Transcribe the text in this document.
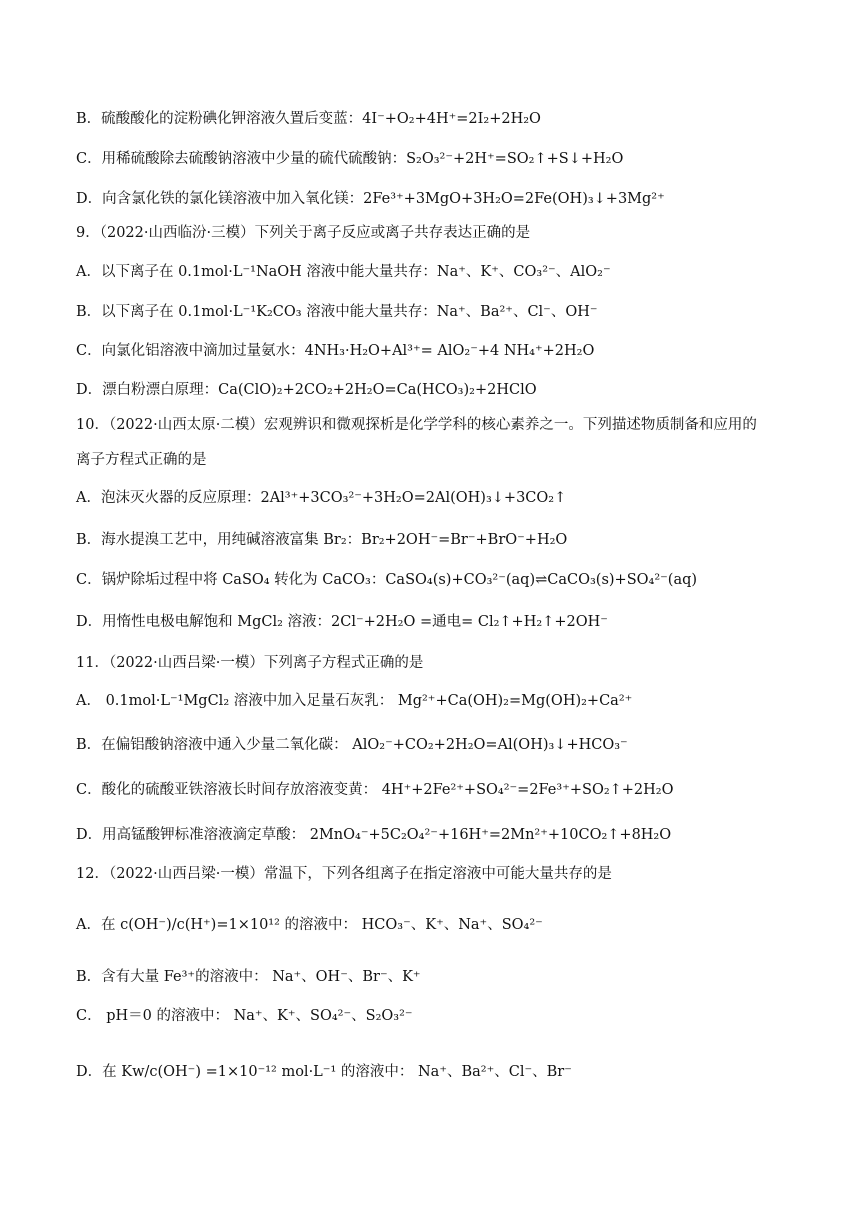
B．硫酸酸化的淀粉碘化钾溶液久置后变蓝：4I⁻+O₂+4H⁺=2I₂+2H₂O
C．用稀硫酸除去硫酸钠溶液中少量的硫代硫酸钠：S₂O₃²⁻+2H⁺=SO₂↑+S↓+H₂O
D．向含氯化铁的氯化镁溶液中加入氧化镁：2Fe³⁺+3MgO+3H₂O=2Fe(OH)₃↓+3Mg²⁺
9．（2022·山西临汾·三模）下列关于离子反应或离子共存表达正确的是
A．以下离子在 0.1mol·L⁻¹NaOH 溶液中能大量共存：Na⁺、K⁺、CO₃²⁻、AlO₂⁻
B．以下离子在 0.1mol·L⁻¹K₂CO₃ 溶液中能大量共存：Na⁺、Ba²⁺、Cl⁻、OH⁻
C．向氯化铝溶液中滴加过量氨水：4NH₃·H₂O+Al³⁺= AlO₂⁻+4 NH₄⁺+2H₂O
D．漂白粉漂白原理：Ca(ClO)₂+2CO₂+2H₂O=Ca(HCO₃)₂+2HClO
10．（2022·山西太原·二模）宏观辨识和微观探析是化学学科的核心素养之一。下列描述物质制备和应用的
离子方程式正确的是
A．泡沫灭火器的反应原理：2Al³⁺+3CO₃²⁻+3H₂O=2Al(OH)₃↓+3CO₂↑
B．海水提溴工艺中，用纯碱溶液富集 Br₂：Br₂+2OH⁻=Br⁻+BrO⁻+H₂O
C．锅炉除垢过程中将 CaSO₄ 转化为 CaCO₃：CaSO₄(s)+CO₃²⁻(aq)⇌CaCO₃(s)+SO₄²⁻(aq)
D．用惰性电极电解饱和 MgCl₂ 溶液：2Cl⁻+2H₂O =通电= Cl₂↑+H₂↑+2OH⁻
11．（2022·山西吕梁·一模）下列离子方程式正确的是
A． 0.1mol·L⁻¹MgCl₂ 溶液中加入足量石灰乳： Mg²⁺+Ca(OH)₂=Mg(OH)₂+Ca²⁺
B．在偏铝酸钠溶液中通入少量二氧化碳： AlO₂⁻+CO₂+2H₂O=Al(OH)₃↓+HCO₃⁻
C．酸化的硫酸亚铁溶液长时间存放溶液变黄： 4H⁺+2Fe²⁺+SO₄²⁻=2Fe³⁺+SO₂↑+2H₂O
D．用高锰酸钾标准溶液滴定草酸： 2MnO₄⁻+5C₂O₄²⁻+16H⁺=2Mn²⁺+10CO₂↑+8H₂O
12．（2022·山西吕梁·一模）常温下，下列各组离子在指定溶液中可能大量共存的是
A．在 c(OH⁻)/c(H⁺)=1×10¹² 的溶液中： HCO₃⁻、K⁺、Na⁺、SO₄²⁻
B．含有大量 Fe³⁺的溶液中： Na⁺、OH⁻、Br⁻、K⁺
C． pH＝0 的溶液中： Na⁺、K⁺、SO₄²⁻、S₂O₃²⁻
D．在 Kw/c(OH⁻) =1×10⁻¹² mol·L⁻¹ 的溶液中： Na⁺、Ba²⁺、Cl⁻、Br⁻
